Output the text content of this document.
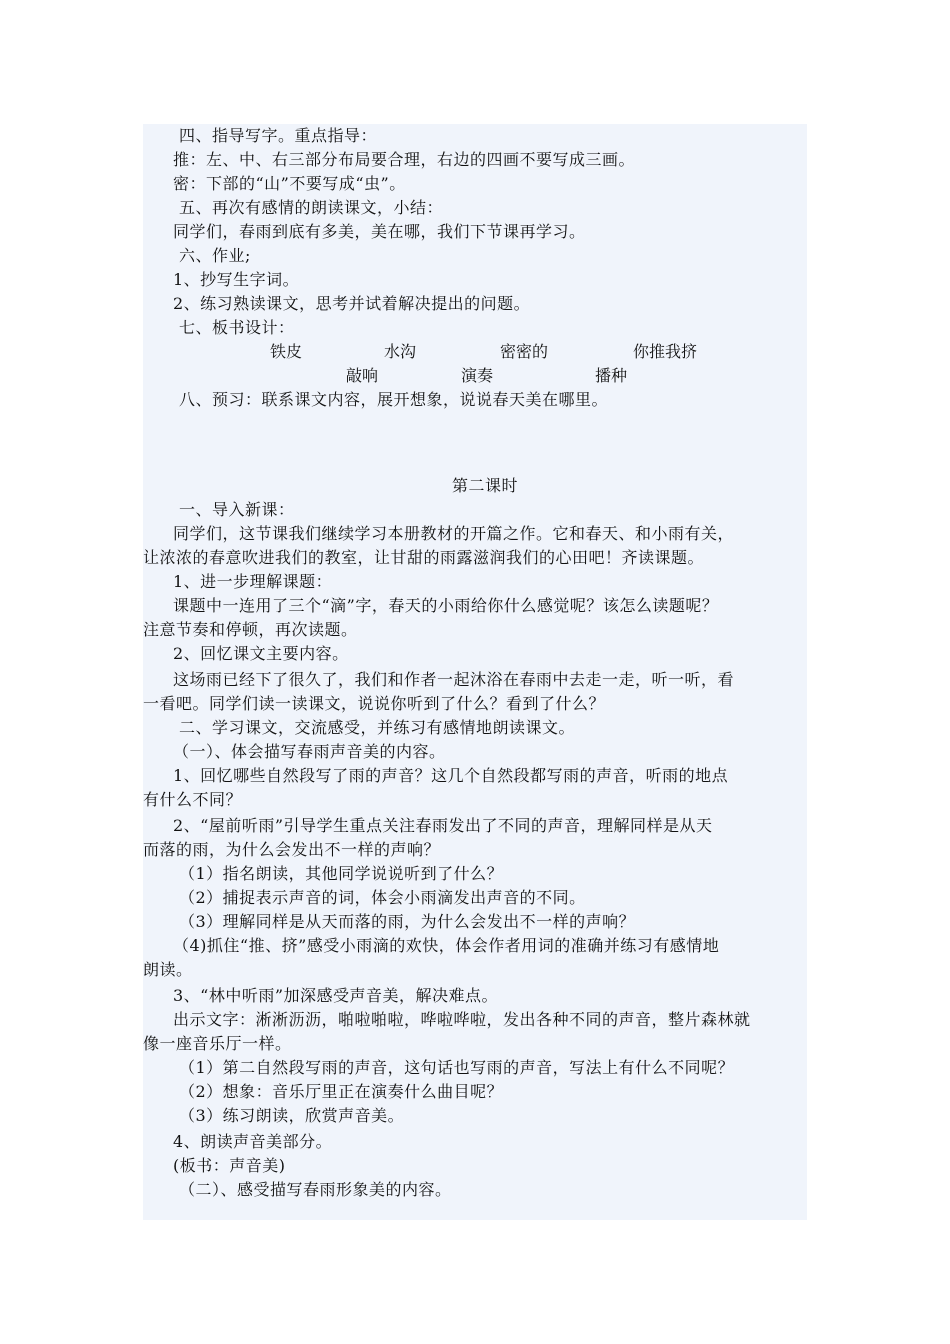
四、指导写字。重点指导：
推：左、中、右三部分布局要合理，右边的四画不要写成三画。
密：下部的“山”不要写成“虫”。
五、再次有感情的朗读课文，小结：
同学们，春雨到底有多美，美在哪，我们下节课再学习。
六、作业;
1、抄写生字词。
2、练习熟读课文，思考并试着解决提出的问题。
七、板书设计：
铁皮	水沟	密密的	你推我挤
敲响	演奏	播种
八、预习：联系课文内容，展开想象，说说春天美在哪里。
第二课时
一、导入新课：
同学们，这节课我们继续学习本册教材的开篇之作。它和春天、和小雨有关，
让浓浓的春意吹进我们的教室，让甘甜的雨露滋润我们的心田吧！齐读课题。
1、进一步理解课题：
课题中一连用了三个“滴”字，春天的小雨给你什么感觉呢？该怎么读题呢？
注意节奏和停顿，再次读题。
2、回忆课文主要内容。
这场雨已经下了很久了，我们和作者一起沐浴在春雨中去走一走，听一听，看
一看吧。同学们读一读课文，说说你听到了什么？看到了什么？
二、学习课文，交流感受，并练习有感情地朗读课文。
（一）、体会描写春雨声音美的内容。
1、回忆哪些自然段写了雨的声音？这几个自然段都写雨的声音，听雨的地点
有什么不同？
2、“屋前听雨”引导学生重点关注春雨发出了不同的声音，理解同样是从天
而落的雨，为什么会发出不一样的声响？
（1）指名朗读，其他同学说说听到了什么？
（2）捕捉表示声音的词，体会小雨滴发出声音的不同。
（3）理解同样是从天而落的雨，为什么会发出不一样的声响？
（4)抓住“推、挤”感受小雨滴的欢快，体会作者用词的准确并练习有感情地
朗读。
3、“林中听雨”加深感受声音美，解决难点。
出示文字：淅淅沥沥，啪啦啪啦，哗啦哗啦，发出各种不同的声音，整片森林就
像一座音乐厅一样。
（1）第二自然段写雨的声音，这句话也写雨的声音，写法上有什么不同呢？
（2）想象：音乐厅里正在演奏什么曲目呢？
（3）练习朗读，欣赏声音美。
4、朗读声音美部分。
(板书：声音美)
（二）、感受描写春雨形象美的内容。
